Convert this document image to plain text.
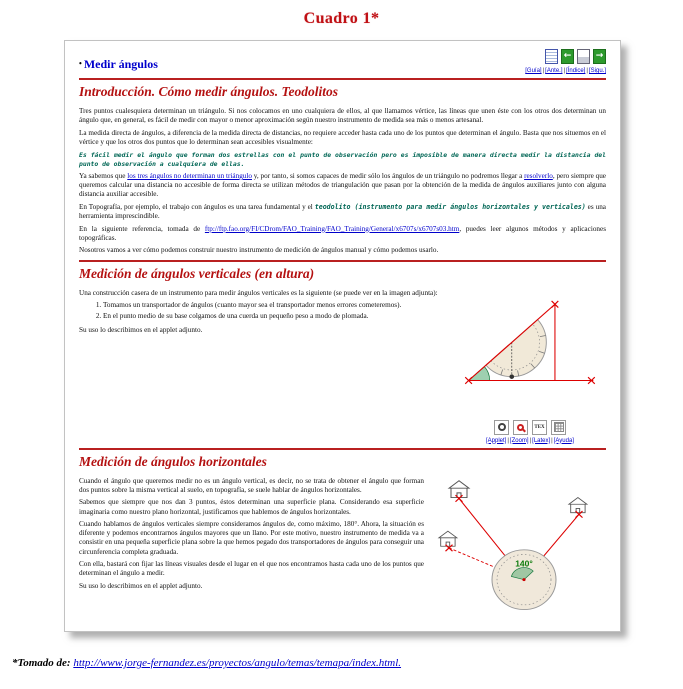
Cuadro 1*
• Medir ángulos
←	→
[Guía]|[Ante.]|[Índice]|[Sigu.]
Introducción. Cómo medir ángulos. Teodolitos

Tres puntos cualesquiera determinan un triángulo. Si nos colocamos en uno cualquiera de ellos, al que llamamos vértice, las líneas que unen éste con los otros dos determinan un ángulo que, en general, es fácil de medir con mayor o menor aproximación según nuestro instrumento de medida sea más o menos artesanal.

La medida directa de ángulos, a diferencia de la medida directa de distancias, no requiere acceder hasta cada uno de los puntos que determinan el ángulo. Basta que nos situemos en el vértice y que los otros dos puntos que lo determinan sean accesibles visualmente:

Es fácil medir el ángulo que forman dos estrellas con el punto de observación pero es imposible de manera directa medir la distancia del punto de observación a cualquiera de ellas.

Ya sabemos que los tres ángulos no determinan un triángulo y, por tanto, si somos capaces de medir sólo los ángulos de un triángulo no podremos llegar a resolverlo, pero siempre que queremos calcular una distancia no accesible de forma directa se utilizan métodos de triangulación que pasan por la obtención de la medida de ángulos auxiliares junto con alguna distancia auxiliar accesible.

En Topografía, por ejemplo, el trabajo con ángulos es una tarea fundamental y el teodolito (instrumento para medir ángulos horizontales y verticales) es una herramienta imprescindible.

En la siguiente referencia, tomada de ftp://ftp.fao.org/FI/CDrom/FAO_Training/FAO_Training/General/x6707s/x6707s03.htm, puedes leer algunos métodos y aplicaciones topográficas.

Nosotros vamos a ver cómo podemos construir nuestro instrumento de medición de ángulos manual y cómo podemos usarlo.

Medición de ángulos verticales (en altura)

Una construcción casera de un instrumento para medir ángulos verticales es la siguiente (se puede ver en la imagen adjunta):

1. Tomamos un transportador de ángulos (cuanto mayor sea el transportador menos errores cometeremos).
2. En el punto medio de su base colgamos de una cuerda un pequeño peso a modo de plomada.

Su uso lo describimos en el applet adjunto.

TEX
[Applet]|[Zoom]|[Latex]|[Ayuda]
Medición de ángulos horizontales

Cuando el ángulo que queremos medir no es un ángulo vertical, es decir, no se trata de obtener el ángulo que forman dos puntos sobre la misma vertical al suelo, en topografía, se suele hablar de ángulos horizontales.

Sabemos que siempre que nos dan 3 puntos, éstos determinan una superficie plana. Considerando esa superficie imaginaria como nuestro plano horizontal, justificamos que hablemos de ángulos horizontales.

Cuando hablamos de ángulos verticales siempre consideramos ángulos de, como máximo, 180°. Ahora, la situación es diferente y podemos encontrarnos ángulos mayores que un llano. Por este motivo, nuestro instrumento de medida va a consistir en una pequeña superficie plana sobre la que hemos pegado dos transportadores de ángulos para conseguir una circunferencia completa graduada.

Con ella, bastará con fijar las líneas visuales desde el lugar en el que nos encontramos hasta cada uno de los puntos que determinan el ángulo a medir.

Su uso lo describimos en el applet adjunto.

140°
*Tomado de: http://www.jorge-fernandez.es/proyectos/angulo/temas/temapa/index.html.
